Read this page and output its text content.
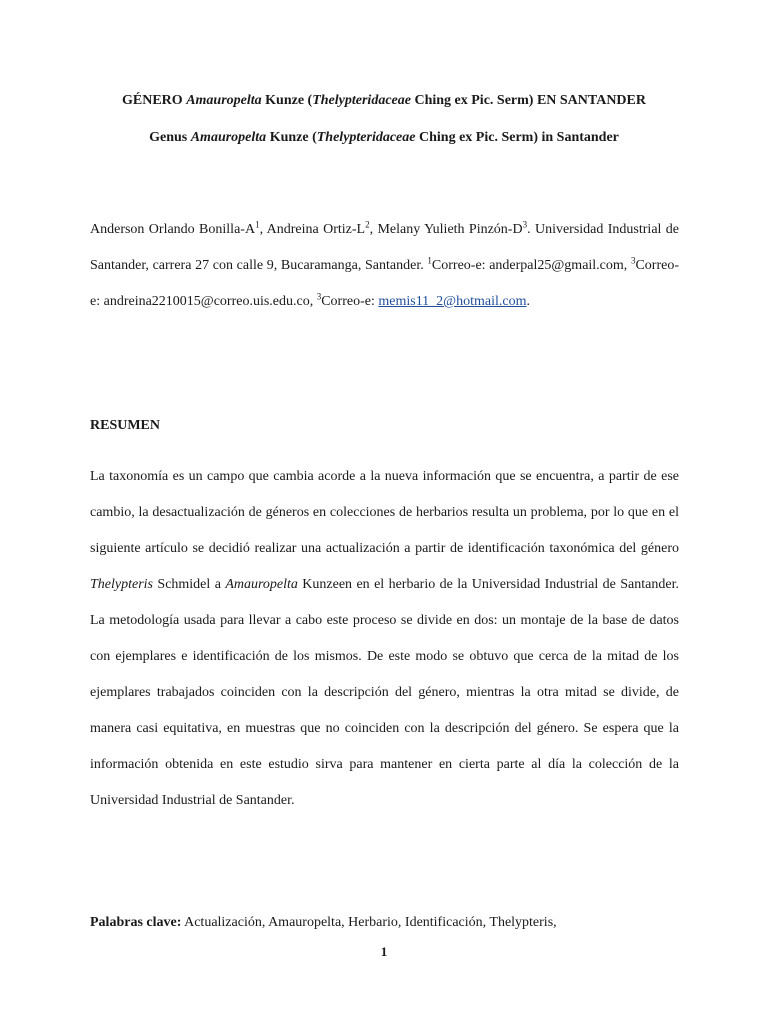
GÉNERO Amauropelta Kunze (Thelypteridaceae Ching ex Pic. Serm) EN SANTANDER

Genus Amauropelta Kunze (Thelypteridaceae Ching ex Pic. Serm) in Santander

Anderson Orlando Bonilla-$A^1$, Andreina Ortiz-$L^2$, Melany Yulieth Pinzón-$D^3$. Universidad Industrial de Santander, carrera 27 con calle 9, Bucaramanga, Santander. $^1$Correo-e: anderpal25@gmail.com, $^3$Correo-e: andreina2210015@correo.uis.edu.co, $^3$Correo-e: memis11_2@hotmail.com.

RESUMEN

La taxonomía es un campo que cambia acorde a la nueva información que se encuentra, a partir de ese cambio, la desactualización de géneros en colecciones de herbarios resulta un problema, por lo que en el siguiente artículo se decidió realizar una actualización a partir de identificación taxonómica del género Thelypteris Schmidel a Amauropelta Kunzeen en el herbario de la Universidad Industrial de Santander. La metodología usada para llevar a cabo este proceso se divide en dos: un montaje de la base de datos con ejemplares e identificación de los mismos. De este modo se obtuvo que cerca de la mitad de los ejemplares trabajados coinciden con la descripción del género, mientras la otra mitad se divide, de manera casi equitativa, en muestras que no coinciden con la descripción del género. Se espera que la información obtenida en este estudio sirva para mantener en cierta parte al día la colección de la Universidad Industrial de Santander.

Palabras clave: Actualización, Amauropelta, Herbario, Identificación, Thelypteris,

1
